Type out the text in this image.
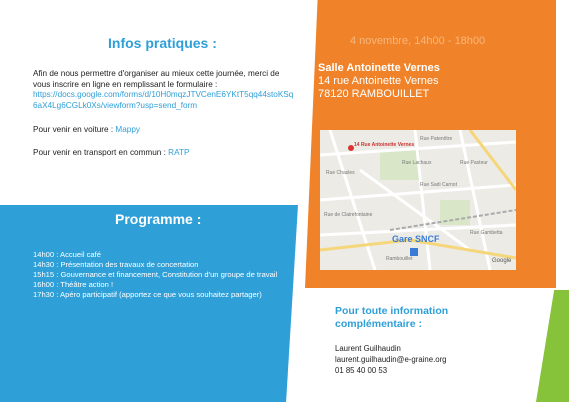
Infos pratiques :
Afin de nous permettre d'organiser au mieux cette journée, merci de vous inscrire en ligne en remplissant le formulaire :
https://docs.google.com/forms/d/10H0mqzJTVCenE6YKtT5qq44stoKSq6aX4Lg6CGLk0Xs/viewform?usp=send_form
Pour venir en voiture : Mappy
Pour venir en transport en commun : RATP
4 novembre, 14h00 - 18h00
Salle Antoinette Vernes
14 rue Antoinette Vernes
78120 RAMBOUILLET
14 Rue Antoinette Vernes
Rue Lachaux
Rue Patenôtre
Rue Chasles
Rue Sadi Carnot
Rue de Clairefontaine
Rue Pasteur
Rambouillet
Rue Gambetta
Gare SNCF
Google
Programme :
14h00 : Accueil café
14h30 : Présentation des travaux de concertation
15h15 : Gouvernance et financement, Constitution d'un groupe de travail
16h00 : Théâtre action !
17h30 : Apéro participatif (apportez ce que vous souhaitez partager)
Pour toute information complémentaire :
Laurent Guilhaudin
laurent.guilhaudin@e-graine.org
01 85 40 00 53
